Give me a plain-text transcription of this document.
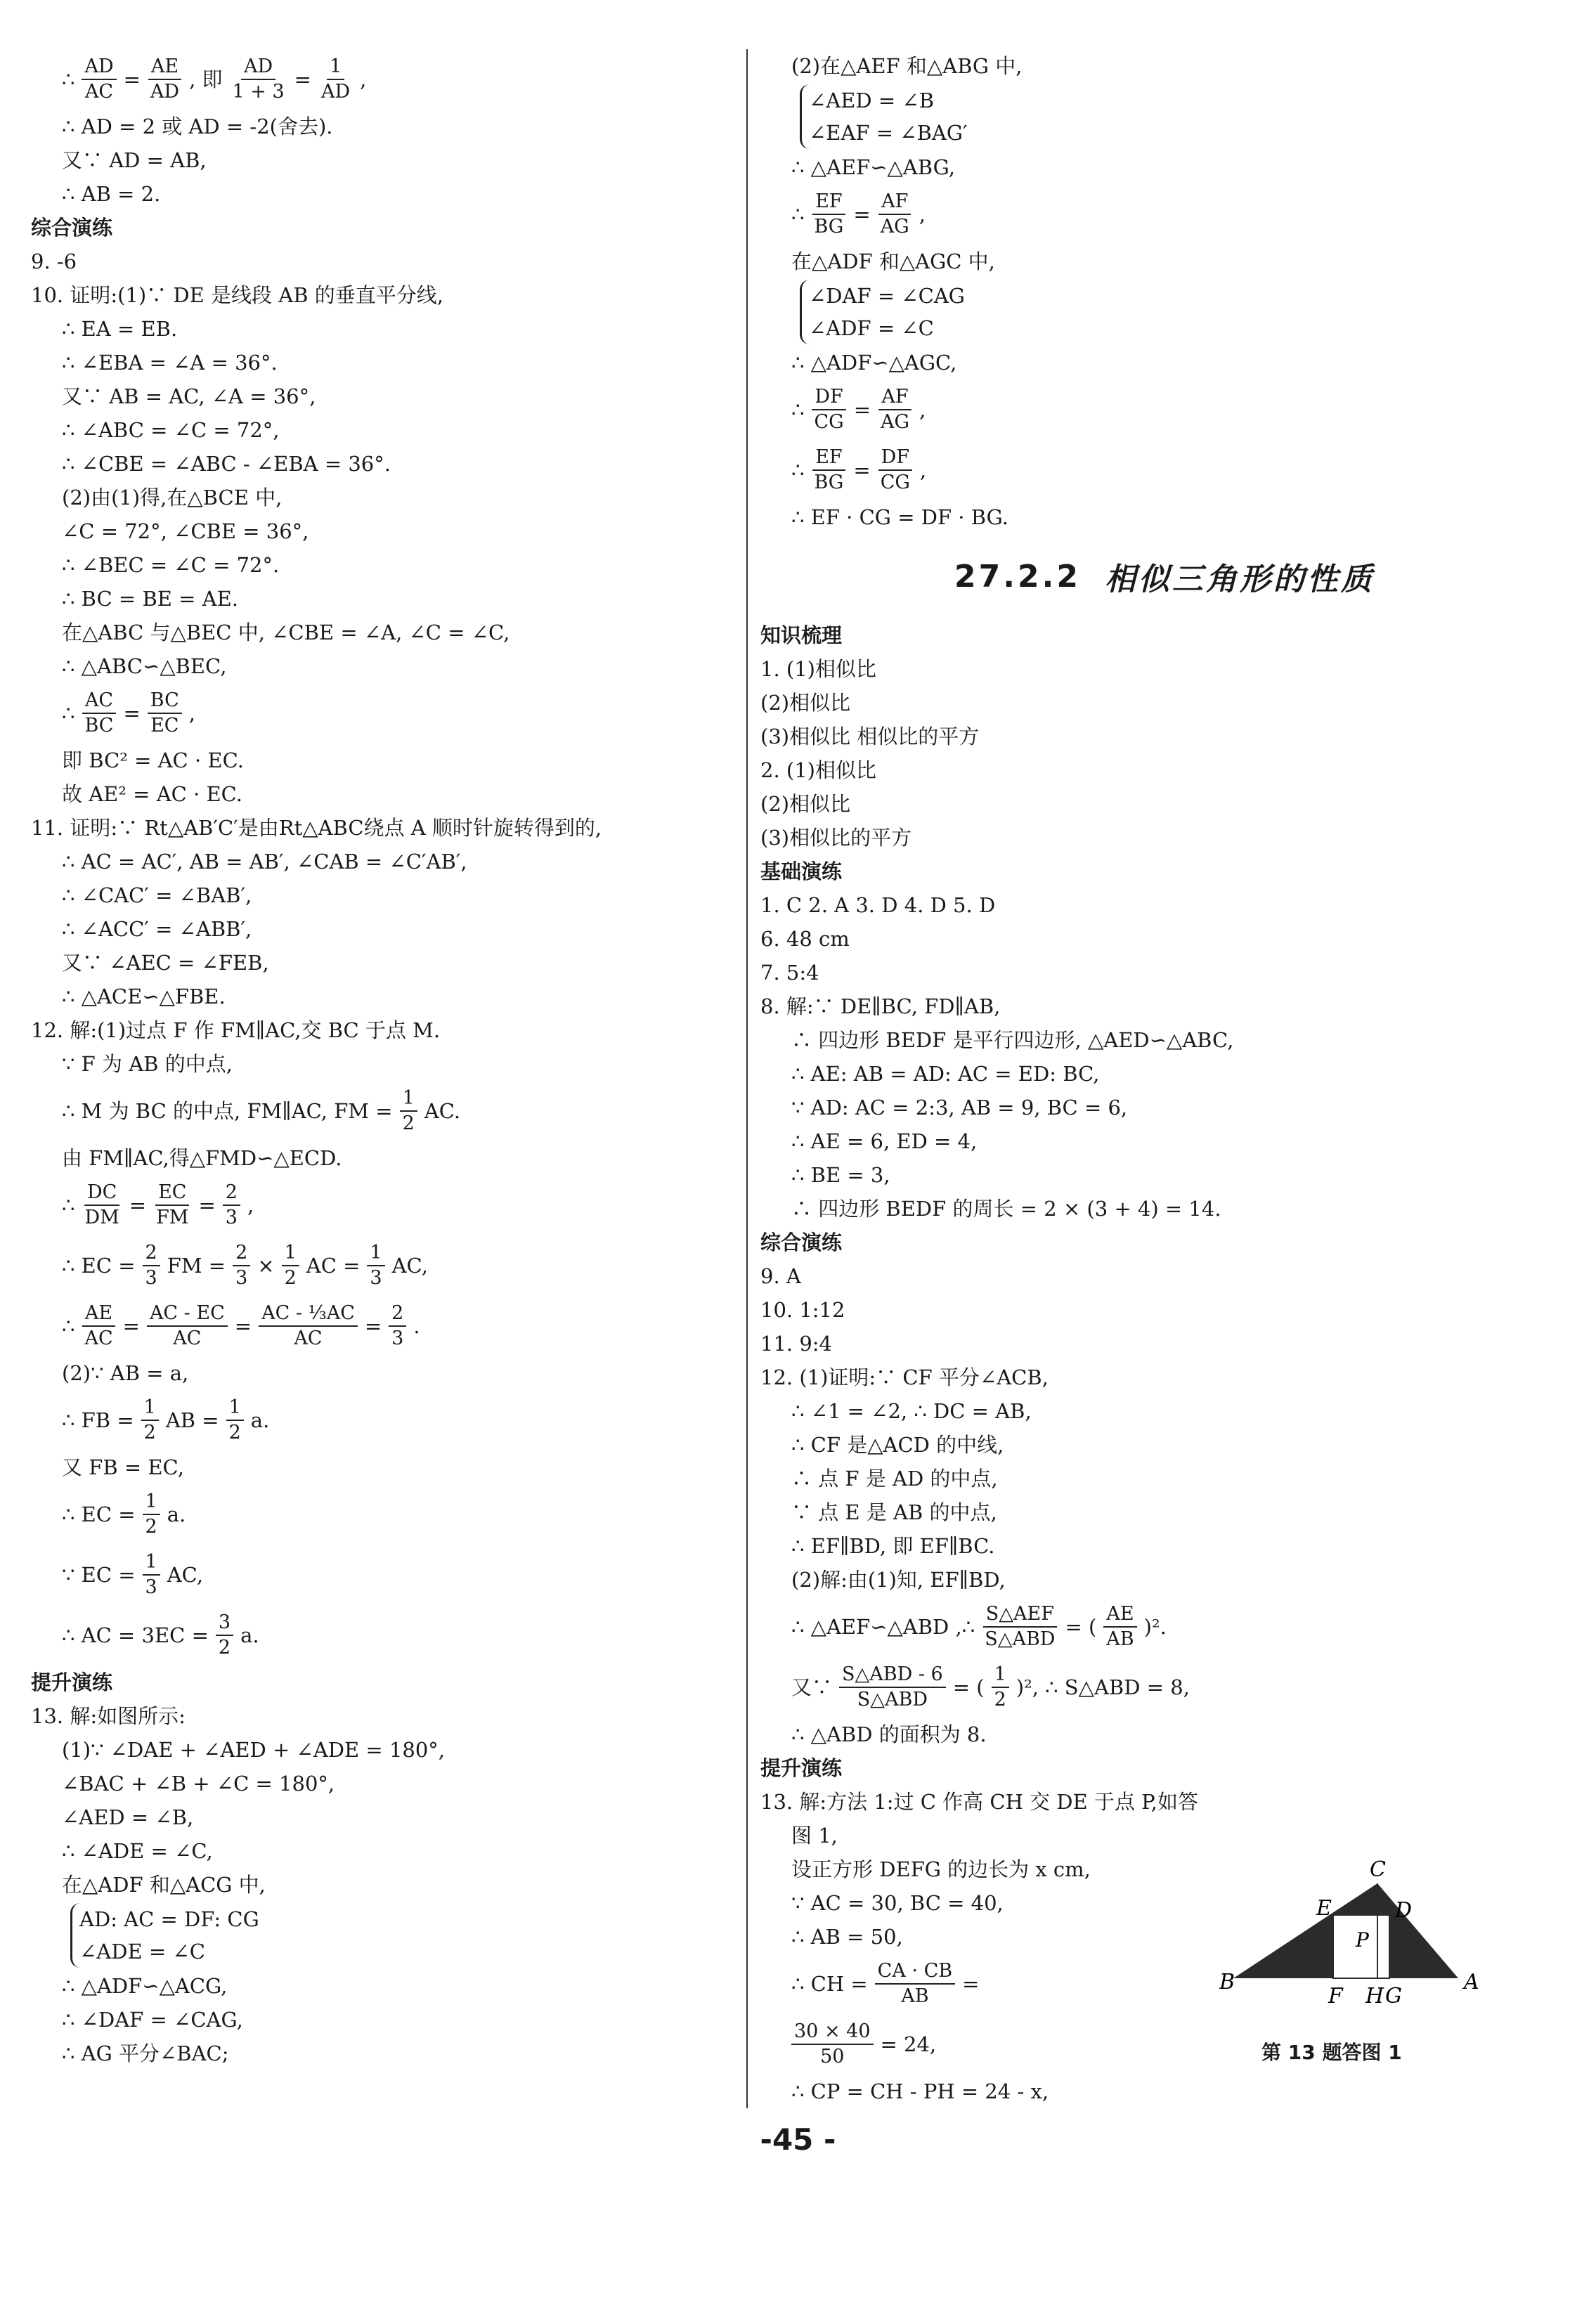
∴ $\frac{AD}{AC} = \frac{AE}{AD}$ , 即 $\frac{AD}{1 + 3} = \frac{1}{AD}$ ,
∴ AD = 2 或 AD = -2(舍去).
又∵ AD = AB,
∴ AB = 2.
综合演练
9. -6
10. 证明:(1)∵ DE 是线段 AB 的垂直平分线,
∴ EA = EB.
∴ ∠EBA = ∠A = 36°.
又∵ AB = AC, ∠A = 36°,
∴ ∠ABC = ∠C = 72°,
∴ ∠CBE = ∠ABC - ∠EBA = 36°.
(2)由(1)得,在△BCE 中,
∠C = 72°, ∠CBE = 36°,
∴ ∠BEC = ∠C = 72°.
∴ BC = BE = AE.
在△ABC 与△BEC 中, ∠CBE = ∠A, ∠C = ∠C,
∴ △ABC∽△BEC,
∴ $\frac{AC}{BC} = \frac{BC}{EC}$ ,
即 BC² = AC · EC.
故 AE² = AC · EC.
11. 证明:∵ Rt△AB′C′是由Rt△ABC绕点 A 顺时针旋转得到的,
∴ AC = AC′, AB = AB′, ∠CAB = ∠C′AB′,
∴ ∠CAC′ = ∠BAB′,
∴ ∠ACC′ = ∠ABB′,
又∵ ∠AEC = ∠FEB,
∴ △ACE∽△FBE.
12. 解:(1)过点 F 作 FM∥AC,交 BC 于点 M.
∵ F 为 AB 的中点,
∴ M 为 BC 的中点, FM∥AC, FM = $\frac{1}{2}$ AC.
由 FM∥AC,得△FMD∽△ECD.
∴ $\frac{DC}{DM} = \frac{EC}{FM} = \frac{2}{3}$ ,
∴ EC = $\frac{2}{3}$ FM = $\frac{2}{3} \times \frac{1}{2}$ AC = $\frac{1}{3}$ AC,
∴ $\frac{AE}{AC} = \frac{AC - EC}{AC} = \frac{\text{AC - ⅓AC}}{AC} = \frac{2}{3}$ .
(2)∵ AB = a,
∴ FB = $\frac{1}{2}$ AB = $\frac{1}{2} a$.
又 FB = EC,
∴ EC = $\frac{1}{2} a$.
∵ EC = $\frac{1}{3}$ AC,
∴ AC = $3EC = \frac{3}{2} a$.
提升演练
13. 解:如图所示:
(1)∵ ∠DAE + ∠AED + ∠ADE = 180°,
∠BAC + ∠B + ∠C = 180°,
∠AED = ∠B,
∴ ∠ADE = ∠C,
在△ADF 和△ACG 中,
AD: AC = DF: CG
∠ADE = ∠C
∴ △ADF∽△ACG,
∴ ∠DAF = ∠CAG,
∴ AG 平分∠BAC;
(2)在△AEF 和△ABG 中,
∠AED = ∠B
∠EAF = ∠BAG′
∴ △AEF∽△ABG,
∴ $\frac{EF}{BG} = \frac{AF}{AG}$ ,
在△ADF 和△AGC 中,
∠DAF = ∠CAG
∠ADF = ∠C
∴ △ADF∽△AGC,
∴ $\frac{DF}{CG} = \frac{AF}{AG}$ ,
∴ $\frac{EF}{BG} = \frac{DF}{CG}$ ,
∴ EF · CG = DF · BG.
27.2.2 相似三角形的性质
知识梳理
1. (1)相似比
(2)相似比
(3)相似比 相似比的平方
2. (1)相似比
(2)相似比
(3)相似比的平方
基础演练
1. C 2. A 3. D 4. D 5. D
6. 48 cm
7. 5:4
8. 解:∵ DE∥BC, FD∥AB,
∴ 四边形 BEDF 是平行四边形, △AED∽△ABC,
∴ AE: AB = AD: AC = ED: BC,
∵ AD: AC = 2:3, AB = 9, BC = 6,
∴ AE = 6, ED = 4,
∴ BE = 3,
∴ 四边形 BEDF 的周长 = 2 × (3 + 4) = 14.
综合演练
9. A
10. 1:12
11. 9:4
12. (1)证明:∵ CF 平分∠ACB,
∴ ∠1 = ∠2, ∴ DC = AB,
∴ CF 是△ACD 的中线,
∴ 点 F 是 AD 的中点,
∵ 点 E 是 AB 的中点,
∴ EF∥BD, 即 EF∥BC.
(2)解:由(1)知, EF∥BD,
∴ △AEF∽△ABD ,∴ $\frac{\text{S△AEF}}{\text{S△ABD}}$ = ( $\frac{AE}{AB} )^2$.
又∵ $\frac{\text{S△ABD - 6}}{\text{S△ABD}}$ = ( $\frac{1}{2} )^2$, ∴ S△ABD = 8,
∴ △ABD 的面积为 8.
提升演练
13. 解:方法 1:过 C 作高 CH 交 DE 于点 P,如答
图 1,
设正方形 DEFG 的边长为 x cm,
∵ AC = 30, BC = 40,
∴ AB = 50,
∴ CH = $\frac{CA \cdot CB}{AB}$ =
$\frac{30 \times 40}{50} = 24$,
∴ CP = CH - PH = 24 - x,
B	A
C
E	D
P
F H G
第 13 题答图 1
-45 -
